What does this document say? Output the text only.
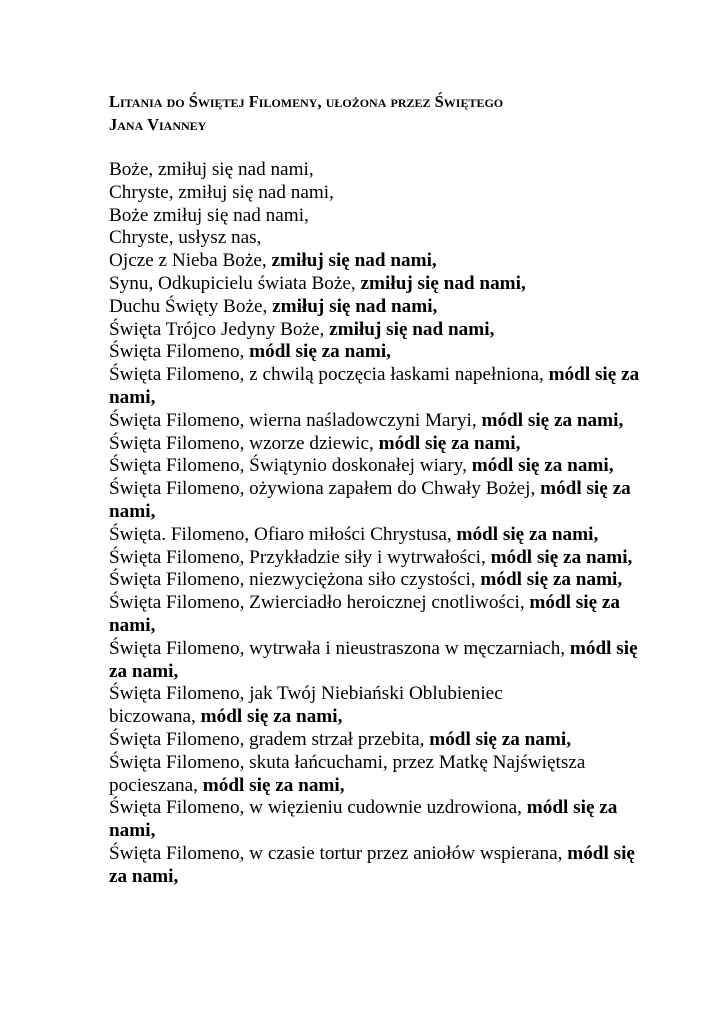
Litania do Świętej Filomeny, ułożona przez Świętego
Jana Vianney

Boże, zmiłuj się nad nami,

Chryste, zmiłuj się nad nami,

Boże zmiłuj się nad nami,

Chryste, usłysz nas,

Ojcze z Nieba Boże, zmiłuj się nad nami,

Synu, Odkupicielu świata Boże, zmiłuj się nad nami,

Duchu Święty Boże, zmiłuj się nad nami,

Święta Trójco Jedyny Boże, zmiłuj się nad nami,

Święta Filomeno, módl się za nami,

Święta Filomeno, z chwilą poczęcia łaskami napełniona, módl się za nami,

Święta Filomeno, wierna naśladowczyni Maryi, módl się za nami,

Święta Filomeno, wzorze dziewic, módl się za nami,

Święta Filomeno, Świątynio doskonałej wiary, módl się za nami,

Święta Filomeno, ożywiona zapałem do Chwały Bożej, módl się za nami,

Święta. Filomeno, Ofiaro miłości Chrystusa, módl się za nami,

Święta Filomeno, Przykładzie siły i wytrwałości, módl się za nami,

Święta Filomeno, niezwyciężona siło czystości, módl się za nami,

Święta Filomeno, Zwierciadło heroicznej cnotliwości, módl się za nami,

Święta Filomeno, wytrwała i nieustraszona w męczarniach, módl się za nami,

Święta Filomeno, jak Twój Niebiański Oblubieniec
biczowana, módl się za nami,

Święta Filomeno, gradem strzał przebita, módl się za nami,

Święta Filomeno, skuta łańcuchami, przez Matkę Najświętsza
pocieszana, módl się za nami,

Święta Filomeno, w więzieniu cudownie uzdrowiona, módl się za nami,

Święta Filomeno, w czasie tortur przez aniołów wspierana, módl się za nami,
